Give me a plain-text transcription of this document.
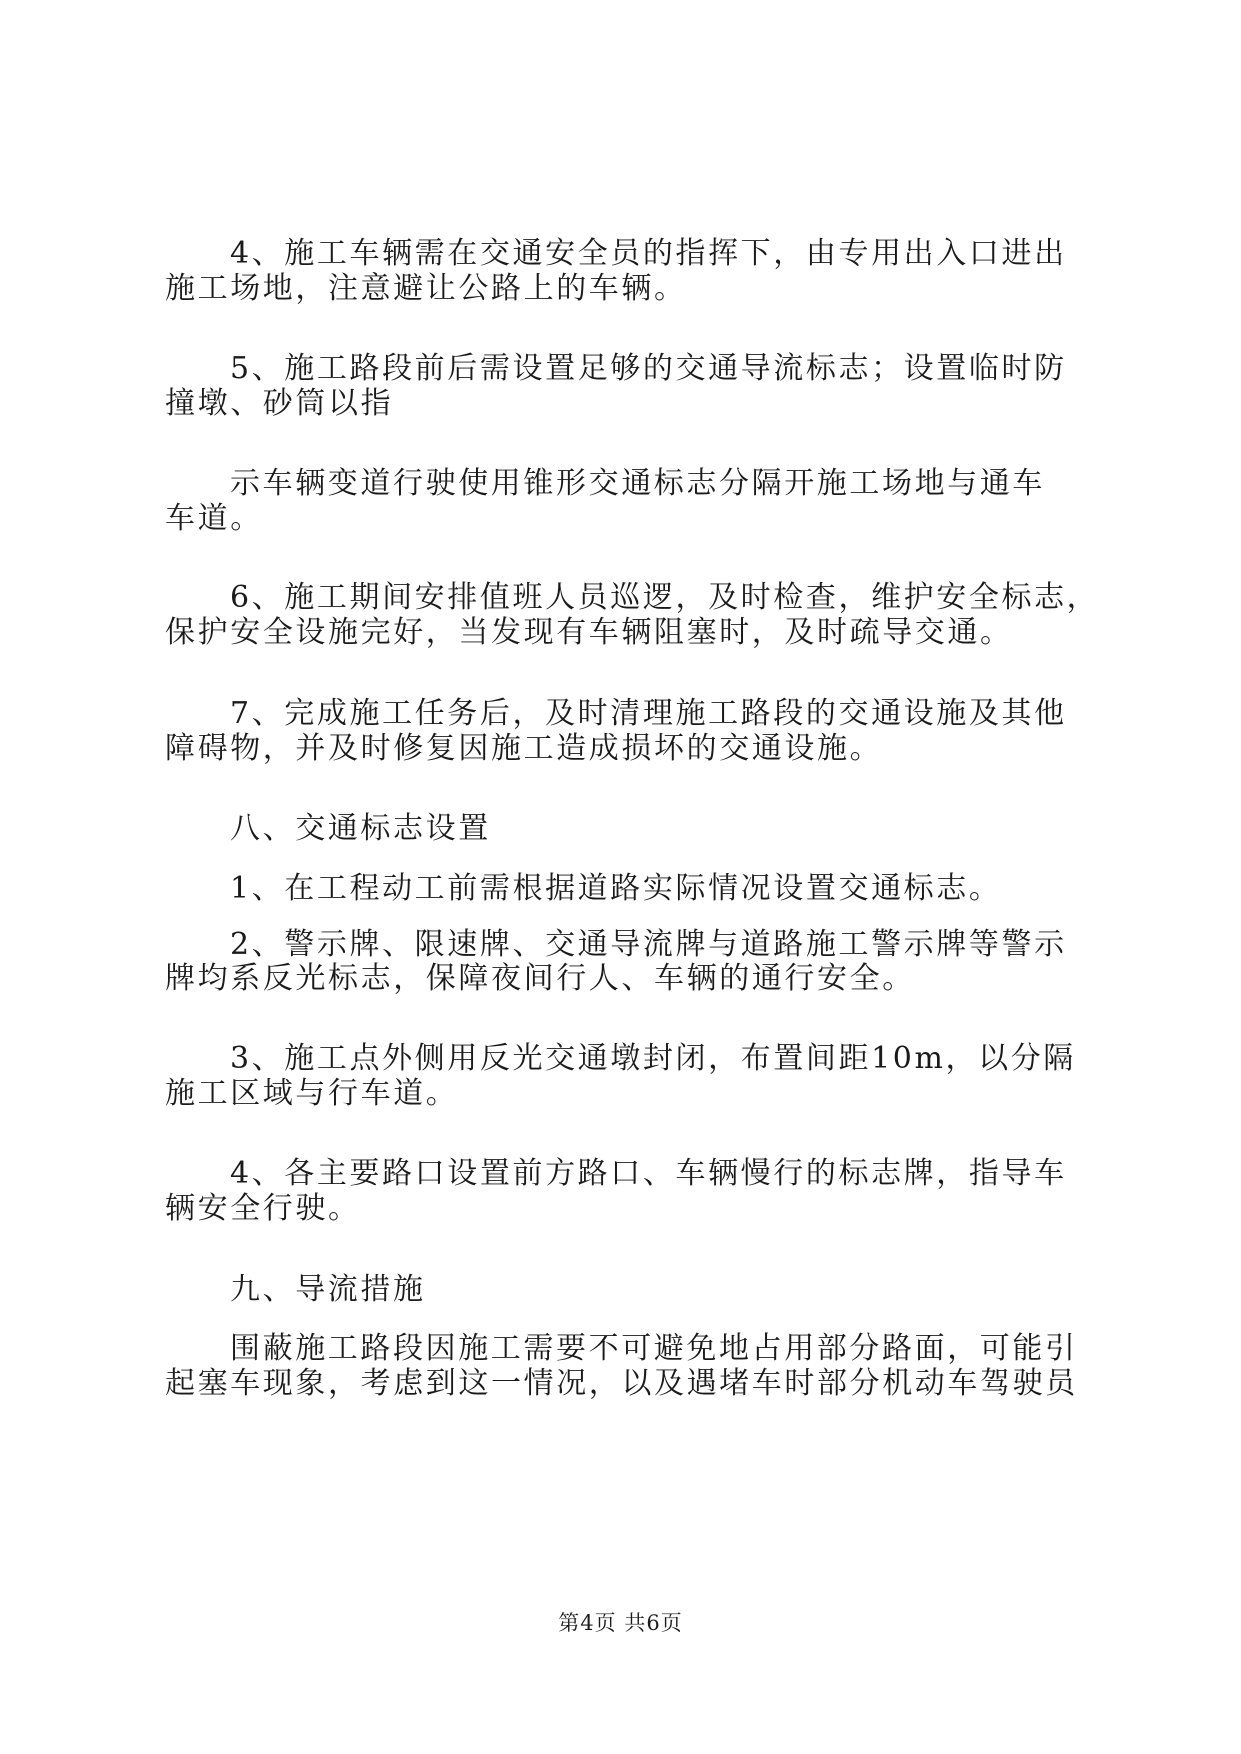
4、施工车辆需在交通安全员的指挥下，由专用出入口进出
施工场地，注意避让公路上的车辆。
5、施工路段前后需设置足够的交通导流标志；设置临时防
撞墩、砂筒以指
示车辆变道行驶使用锥形交通标志分隔开施工场地与通车
车道。
6、施工期间安排值班人员巡逻，及时检查，维护安全标志，
保护安全设施完好，当发现有车辆阻塞时，及时疏导交通。
7、完成施工任务后，及时清理施工路段的交通设施及其他
障碍物，并及时修复因施工造成损坏的交通设施。
八、交通标志设置
1、在工程动工前需根据道路实际情况设置交通标志。
2、警示牌、限速牌、交通导流牌与道路施工警示牌等警示
牌均系反光标志，保障夜间行人、车辆的通行安全。
3、施工点外侧用反光交通墩封闭，布置间距10m，以分隔
施工区域与行车道。
4、各主要路口设置前方路口、车辆慢行的标志牌，指导车
辆安全行驶。
九、导流措施
围蔽施工路段因施工需要不可避免地占用部分路面，可能引
起塞车现象，考虑到这一情况，以及遇堵车时部分机动车驾驶员
第4页 共6页
